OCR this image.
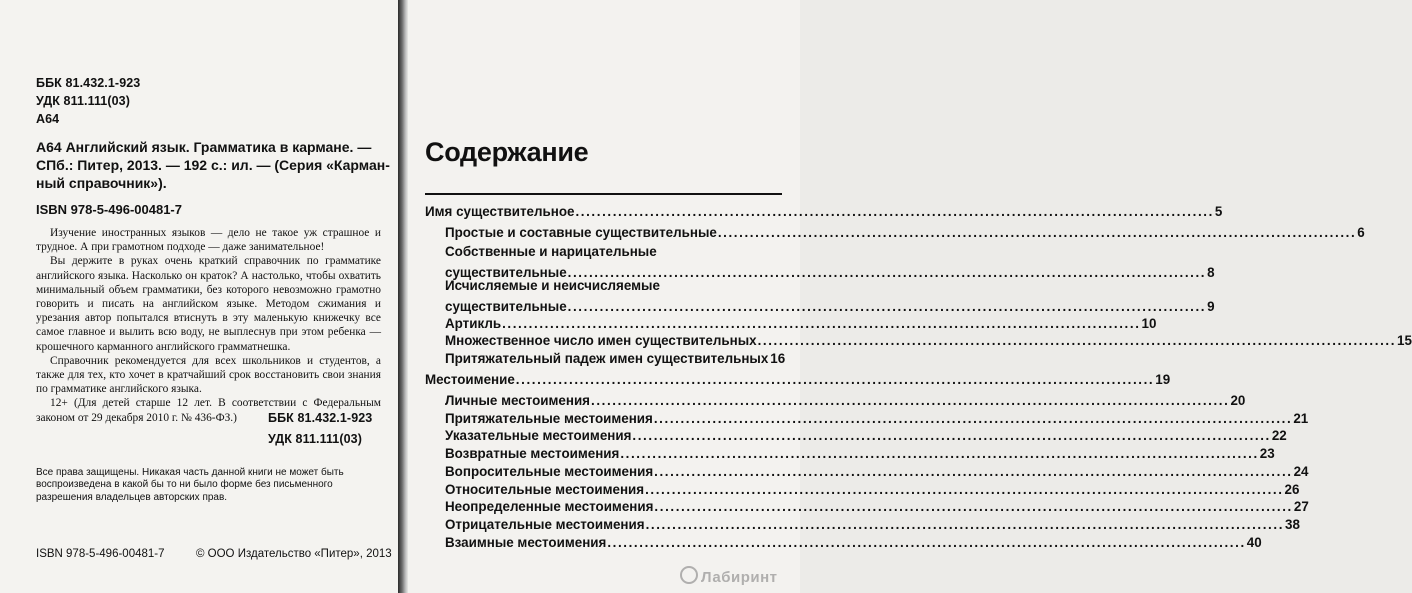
ББК 81.432.1-923
УДК 811.111(03)
А64
А64 Английский язык. Грамматика в кармане. —
СПб.: Питер, 2013. — 192 с.: ил. — (Серия «Карман-
ный справочник»).
ISBN 978-5-496-00481-7

Изучение иностранных языков — дело не такое уж страшное и трудное. А при грамотном подходе — даже занимательное!

Вы держите в руках очень краткий справочник по грамматике английского языка. Насколько он краток? А настолько, чтобы охватить минимальный объем грамматики, без которого невозможно грамотно говорить и писать на английском языке. Методом сжимания и урезания автор попытался втиснуть в эту маленькую книжечку все самое главное и вылить всю воду, не выплеснув при этом ребенка — крошечного карманного английского грамматнешка.

Справочник рекомендуется для всех школьников и студентов, а также для тех, кто хочет в кратчайший срок восстановить свои знания по грамматике английского языка.

12+ (Для детей старше 12 лет. В соответствии с Федеральным законом от 29 декабря 2010 г. № 436-ФЗ.)	ББК 81.432.1-923
УДК 811.111(03)
Все права защищены. Никакая часть данной книги не может быть воспроизведена в какой бы то ни было форме без письменного разрешения владельцев авторских прав.
ISBN 978-5-496-00481-7	© ООО Издательство «Питер», 2013
Содержание
Имя существительное ........................................................................................................................ 5
Простые и составные существительные ........................................................................................................................ 6
Собственные и нарицательные
существительные ........................................................................................................................ 8
Исчисляемые и неисчисляемые
существительные ........................................................................................................................ 9
Артикль ........................................................................................................................ 10
Множественное число имен существительных ........................................................................................................................ 15
Притяжательный падеж имен существительных 16
Местоимение ........................................................................................................................ 19
Личные местоимения ........................................................................................................................ 20
Притяжательные местоимения ........................................................................................................................ 21
Указательные местоимения ........................................................................................................................ 22
Возвратные местоимения ........................................................................................................................ 23
Вопросительные местоимения ........................................................................................................................ 24
Относительные местоимения ........................................................................................................................ 26
Неопределенные местоимения ........................................................................................................................ 27
Отрицательные местоимения ........................................................................................................................ 38
Взаимные местоимения ........................................................................................................................ 40
Лабиринт
